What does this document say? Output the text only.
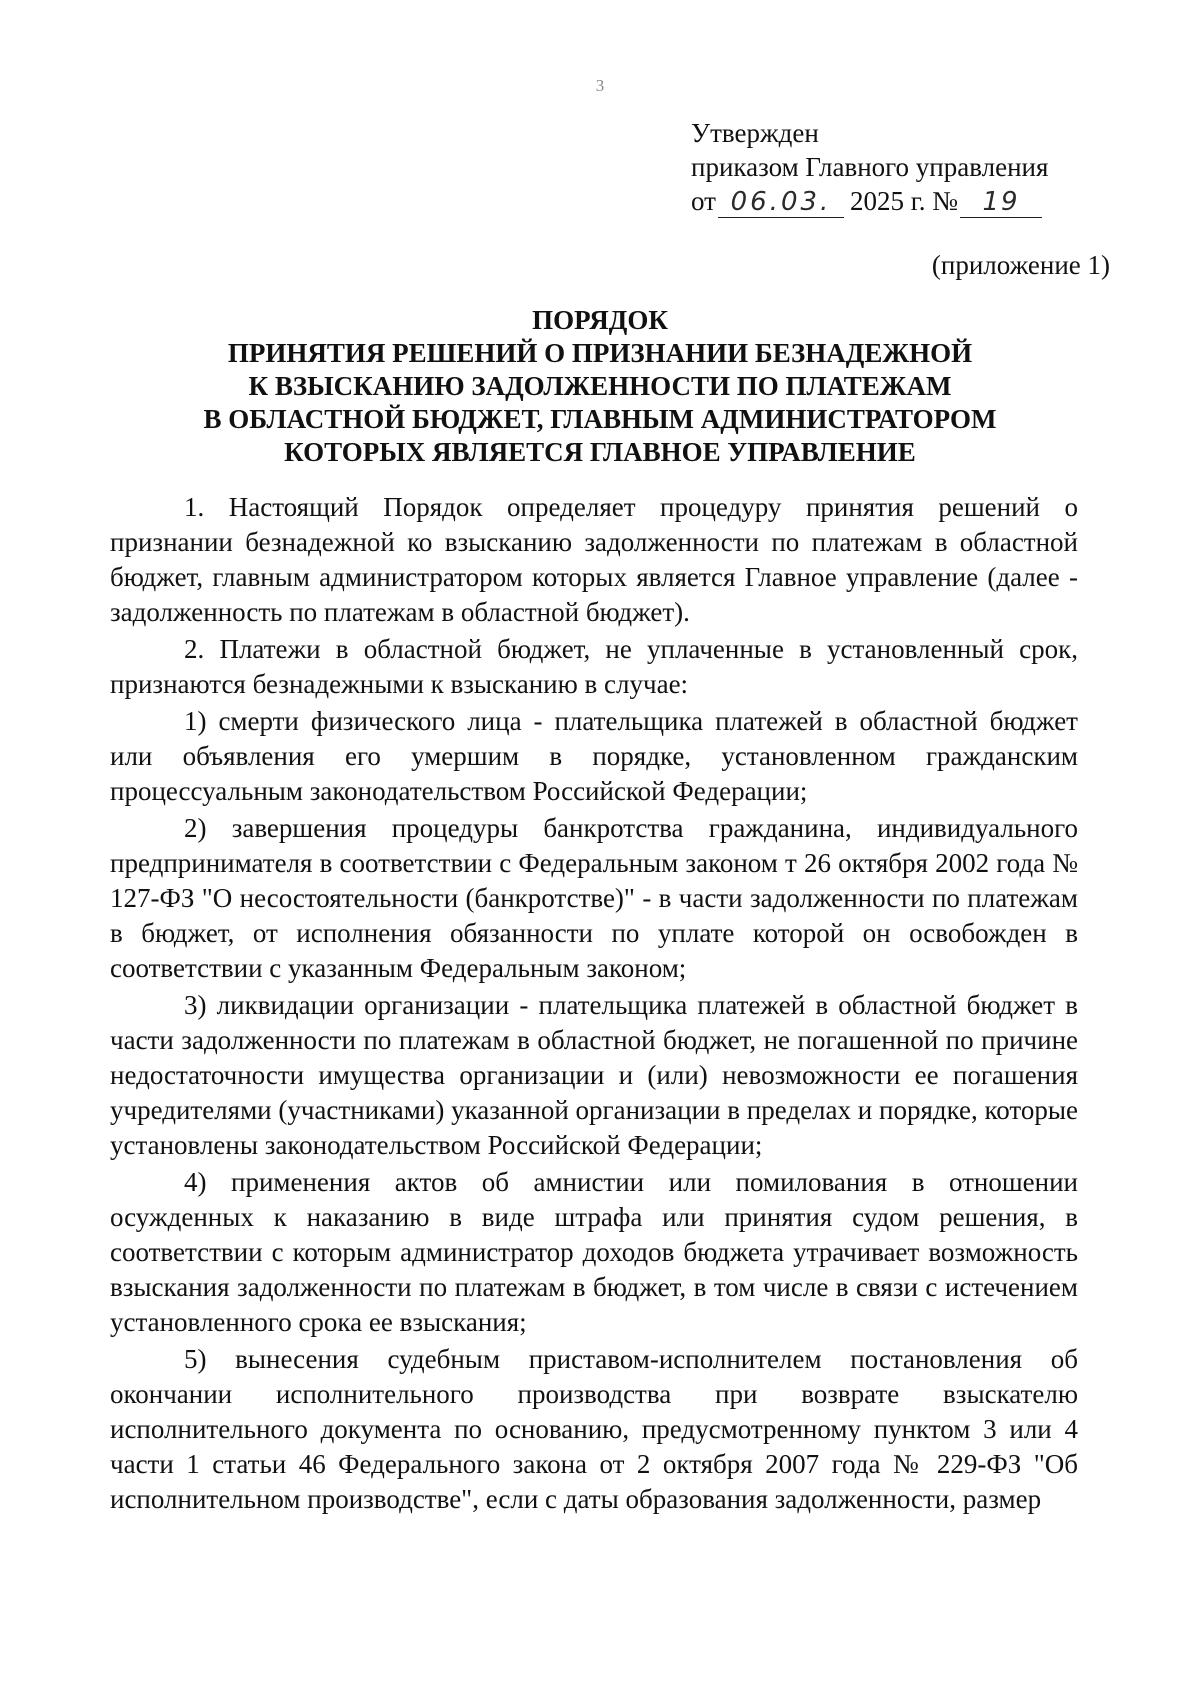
3
Утвержден
приказом Главного управления
от 06.03. 2025 г. № 19
(приложение 1)
ПОРЯДОК
ПРИНЯТИЯ РЕШЕНИЙ О ПРИЗНАНИИ БЕЗНАДЕЖНОЙ
К ВЗЫСКАНИЮ ЗАДОЛЖЕННОСТИ ПО ПЛАТЕЖАМ
В ОБЛАСТНОЙ БЮДЖЕТ, ГЛАВНЫМ АДМИНИСТРАТОРОМ
КОТОРЫХ ЯВЛЯЕТСЯ ГЛАВНОЕ УПРАВЛЕНИЕ

1. Настоящий Порядок определяет процедуру принятия решений о признании безнадежной ко взысканию задолженности по платежам в областной бюджет, главным администратором которых является Главное управление (далее - задолженность по платежам в областной бюджет).

2. Платежи в областной бюджет, не уплаченные в установленный срок, признаются безнадежными к взысканию в случае:

1) смерти физического лица - плательщика платежей в областной бюджет или объявления его умершим в порядке, установленном гражданским процессуальным законодательством Российской Федерации;

2) завершения процедуры банкротства гражданина, индивидуального предпринимателя в соответствии с Федеральным законом т 26 октября 2002 года № 127-ФЗ "О несостоятельности (банкротстве)" - в части задолженности по платежам в бюджет, от исполнения обязанности по уплате которой он освобожден в соответствии с указанным Федеральным законом;

3) ликвидации организации - плательщика платежей в областной бюджет в части задолженности по платежам в областной бюджет, не погашенной по причине недостаточности имущества организации и (или) невозможности ее погашения учредителями (участниками) указанной организации в пределах и порядке, которые установлены законодательством Российской Федерации;

4) применения актов об амнистии или помилования в отношении осужденных к наказанию в виде штрафа или принятия судом решения, в соответствии с которым администратор доходов бюджета утрачивает возможность взыскания задолженности по платежам в бюджет, в том числе в связи с истечением установленного срока ее взыскания;

5) вынесения судебным приставом-исполнителем постановления об окончании исполнительного производства при возврате взыскателю исполнительного документа по основанию, предусмотренному пунктом 3 или 4 части 1 статьи 46 Федерального закона от 2 октября 2007 года № 229-ФЗ "Об исполнительном производстве", если с даты образования задолженности, размер
